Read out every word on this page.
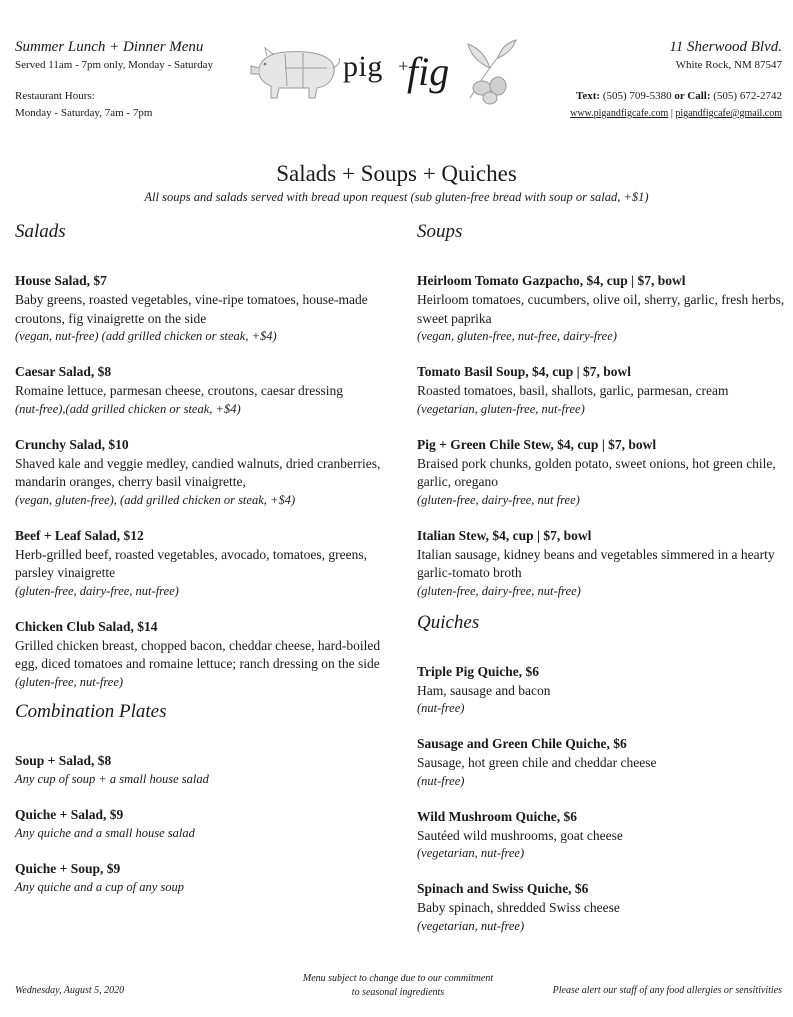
Summer Lunch + Dinner Menu
Served 11am - 7pm only, Monday - Saturday
Restaurant Hours:
Monday - Saturday, 7am - 7pm
pig +
fig
11 Sherwood Blvd.
White Rock, NM 87547
Text: (505) 709-5380 or Call: (505) 672-2742
www.pigandfigcafe.com | pigandfigcafe@gmail.com
Salads + Soups + Quiches
All soups and salads served with bread upon request (sub gluten-free bread with soup or salad, +$1)
Salads
House Salad, $7
Baby greens, roasted vegetables, vine-ripe tomatoes, house-made croutons, fig vinaigrette on the side
(vegan, nut-free) (add grilled chicken or steak, +$4)
Caesar Salad, $8
Romaine lettuce, parmesan cheese, croutons, caesar dressing
(nut-free),(add grilled chicken or steak, +$4)
Crunchy Salad, $10
Shaved kale and veggie medley, candied walnuts, dried cranberries, mandarin oranges, cherry basil vinaigrette,
(vegan, gluten-free), (add grilled chicken or steak, +$4)
Beef + Leaf Salad, $12
Herb-grilled beef, roasted vegetables, avocado, tomatoes, greens, parsley vinaigrette
(gluten-free, dairy-free, nut-free)
Chicken Club Salad, $14
Grilled chicken breast, chopped bacon, cheddar cheese, hard-boiled egg, diced tomatoes and romaine lettuce; ranch dressing on the side
(gluten-free, nut-free)
Combination Plates
Soup + Salad, $8
Any cup of soup + a small house salad
Quiche + Salad, $9
Any quiche and a small house salad
Quiche + Soup, $9
Any quiche and a cup of any soup
Soups
Heirloom Tomato Gazpacho, $4, cup | $7, bowl
Heirloom tomatoes, cucumbers, olive oil, sherry, garlic, fresh herbs, sweet paprika
(vegan, gluten-free, nut-free, dairy-free)
Tomato Basil Soup, $4, cup | $7, bowl
Roasted tomatoes, basil, shallots, garlic, parmesan, cream
(vegetarian, gluten-free, nut-free)
Pig + Green Chile Stew, $4, cup | $7, bowl
Braised pork chunks, golden potato, sweet onions, hot green chile, garlic, oregano
(gluten-free, dairy-free, nut free)
Italian Stew, $4, cup | $7, bowl
Italian sausage, kidney beans and vegetables simmered in a hearty garlic-tomato broth
(gluten-free, dairy-free, nut-free)
Quiches
Triple Pig Quiche, $6
Ham, sausage and bacon
(nut-free)
Sausage and Green Chile Quiche, $6
Sausage, hot green chile and cheddar cheese
(nut-free)
Wild Mushroom Quiche, $6
Sautéed wild mushrooms, goat cheese
(vegetarian, nut-free)
Spinach and Swiss Quiche, $6
Baby spinach, shredded Swiss cheese
(vegetarian, nut-free)
Wednesday, August 5, 2020
Menu subject to change due to our commitment
to seasonal ingredients	Please alert our staff of any food allergies or sensitivities
